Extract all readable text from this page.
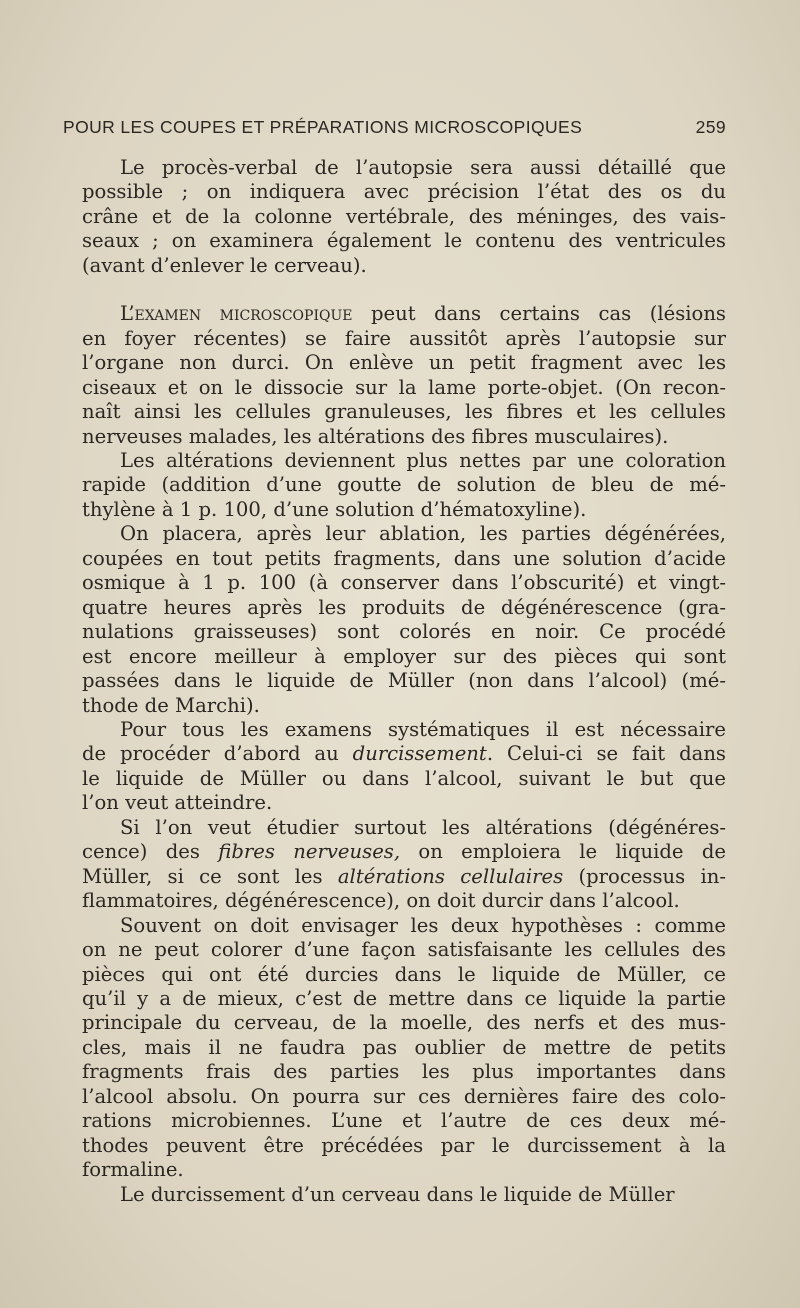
POUR LES COUPES ET PRÉPARATIONS MICROSCOPIQUES	259

Le procès-verbal de l’autopsie sera aussi détaillé que
possible ; on indiquera avec précision l’état des os du
crâne et de la colonne vertébrale, des méninges, des vais-
seaux ; on examinera également le contenu des ventricules
(avant d’enlever le cerveau).

L’examen microscopique peut dans certains cas (lésions
en foyer récentes) se faire aussitôt après l’autopsie sur
l’organe non durci. On enlève un petit fragment avec les
ciseaux et on le dissocie sur la lame porte-objet. (On recon-
naît ainsi les cellules granuleuses, les fibres et les cellules
nerveuses malades, les altérations des fibres musculaires).

Les altérations deviennent plus nettes par une coloration
rapide (addition d’une goutte de solution de bleu de mé-
thylène à 1 p. 100, d’une solution d’hématoxyline).

On placera, après leur ablation, les parties dégénérées,
coupées en tout petits fragments, dans une solution d’acide
osmique à 1 p. 100 (à conserver dans l’obscurité) et vingt-
quatre heures après les produits de dégénérescence (gra-
nulations graisseuses) sont colorés en noir. Ce procédé
est encore meilleur à employer sur des pièces qui sont
passées dans le liquide de Müller (non dans l’alcool) (mé-
thode de Marchi).

Pour tous les examens systématiques il est nécessaire
de procéder d’abord au durcissement. Celui-ci se fait dans
le liquide de Müller ou dans l’alcool, suivant le but que
l’on veut atteindre.

Si l’on veut étudier surtout les altérations (dégénéres-
cence) des fibres nerveuses, on emploiera le liquide de
Müller, si ce sont les altérations cellulaires (processus in-
flammatoires, dégénérescence), on doit durcir dans l’alcool.

Souvent on doit envisager les deux hypothèses : comme
on ne peut colorer d’une façon satisfaisante les cellules des
pièces qui ont été durcies dans le liquide de Müller, ce
qu’il y a de mieux, c’est de mettre dans ce liquide la partie
principale du cerveau, de la moelle, des nerfs et des mus-
cles, mais il ne faudra pas oublier de mettre de petits
fragments frais des parties les plus importantes dans
l’alcool absolu. On pourra sur ces dernières faire des colo-
rations microbiennes. L’une et l’autre de ces deux mé-
thodes peuvent être précédées par le durcissement à la
formaline.

Le durcissement d’un cerveau dans le liquide de Müller
